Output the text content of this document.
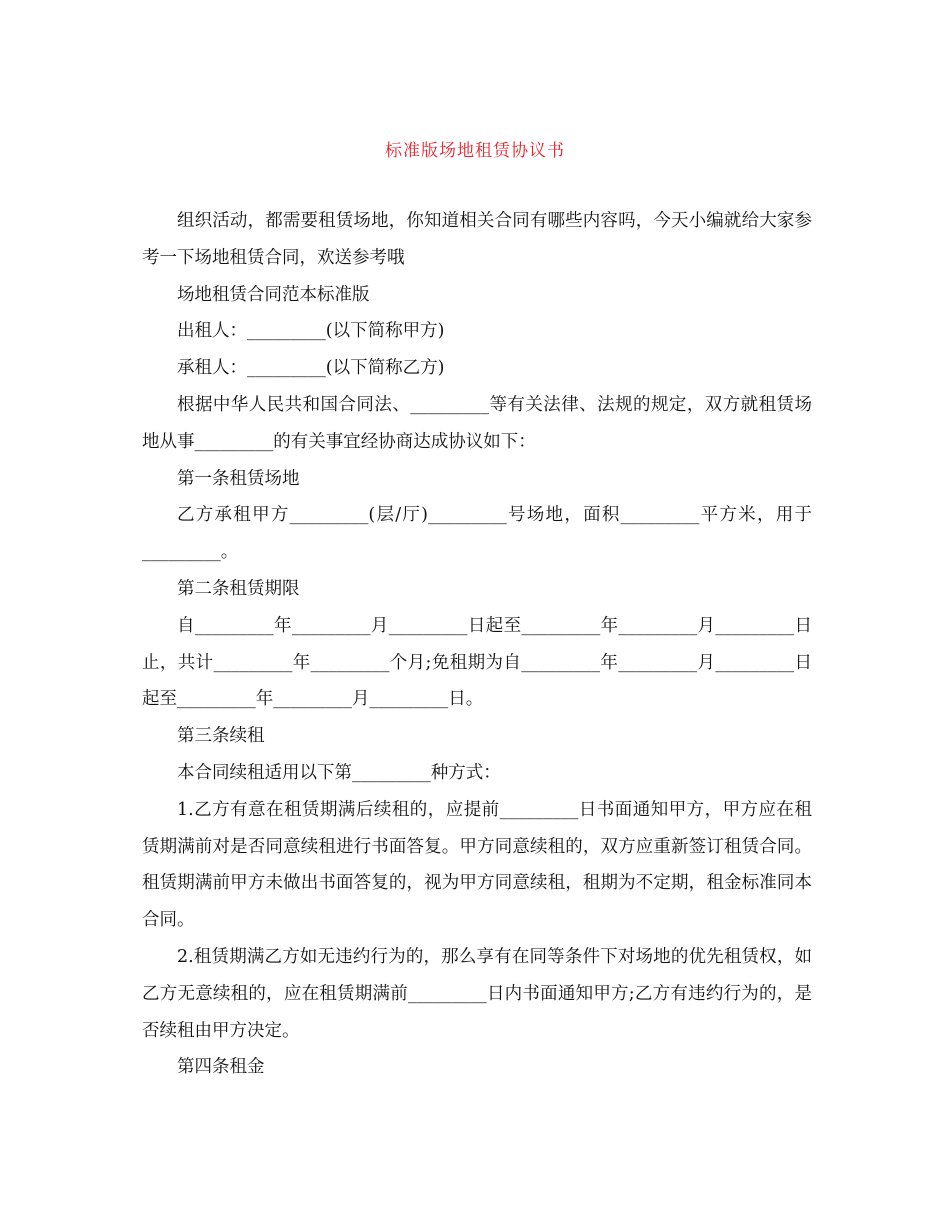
标准版场地租赁协议书

组织活动，都需要租赁场地，你知道相关合同有哪些内容吗，今天小编就给大家参考一下场地租赁合同，欢送参考哦

场地租赁合同范本标准版

出租人：_________(以下简称甲方)

承租人：_________(以下简称乙方)

根据中华人民共和国合同法、_________等有关法律、法规的规定，双方就租赁场地从事_________的有关事宜经协商达成协议如下：

第一条租赁场地

乙方承租甲方_________(层/厅)_________号场地，面积_________平方米，用于_________。

第二条租赁期限

自_________年_________月_________日起至_________年_________月_________日止，共计_________年_________个月;免租期为自_________年_________月_________日起至_________年_________月_________日。

第三条续租

本合同续租适用以下第_________种方式：

1.乙方有意在租赁期满后续租的，应提前_________日书面通知甲方，甲方应在租赁期满前对是否同意续租进行书面答复。甲方同意续租的，双方应重新签订租赁合同。租赁期满前甲方未做出书面答复的，视为甲方同意续租，租期为不定期，租金标准同本合同。

2.租赁期满乙方如无违约行为的，那么享有在同等条件下对场地的优先租赁权，如乙方无意续租的，应在租赁期满前_________日内书面通知甲方;乙方有违约行为的，是否续租由甲方决定。

第四条租金
